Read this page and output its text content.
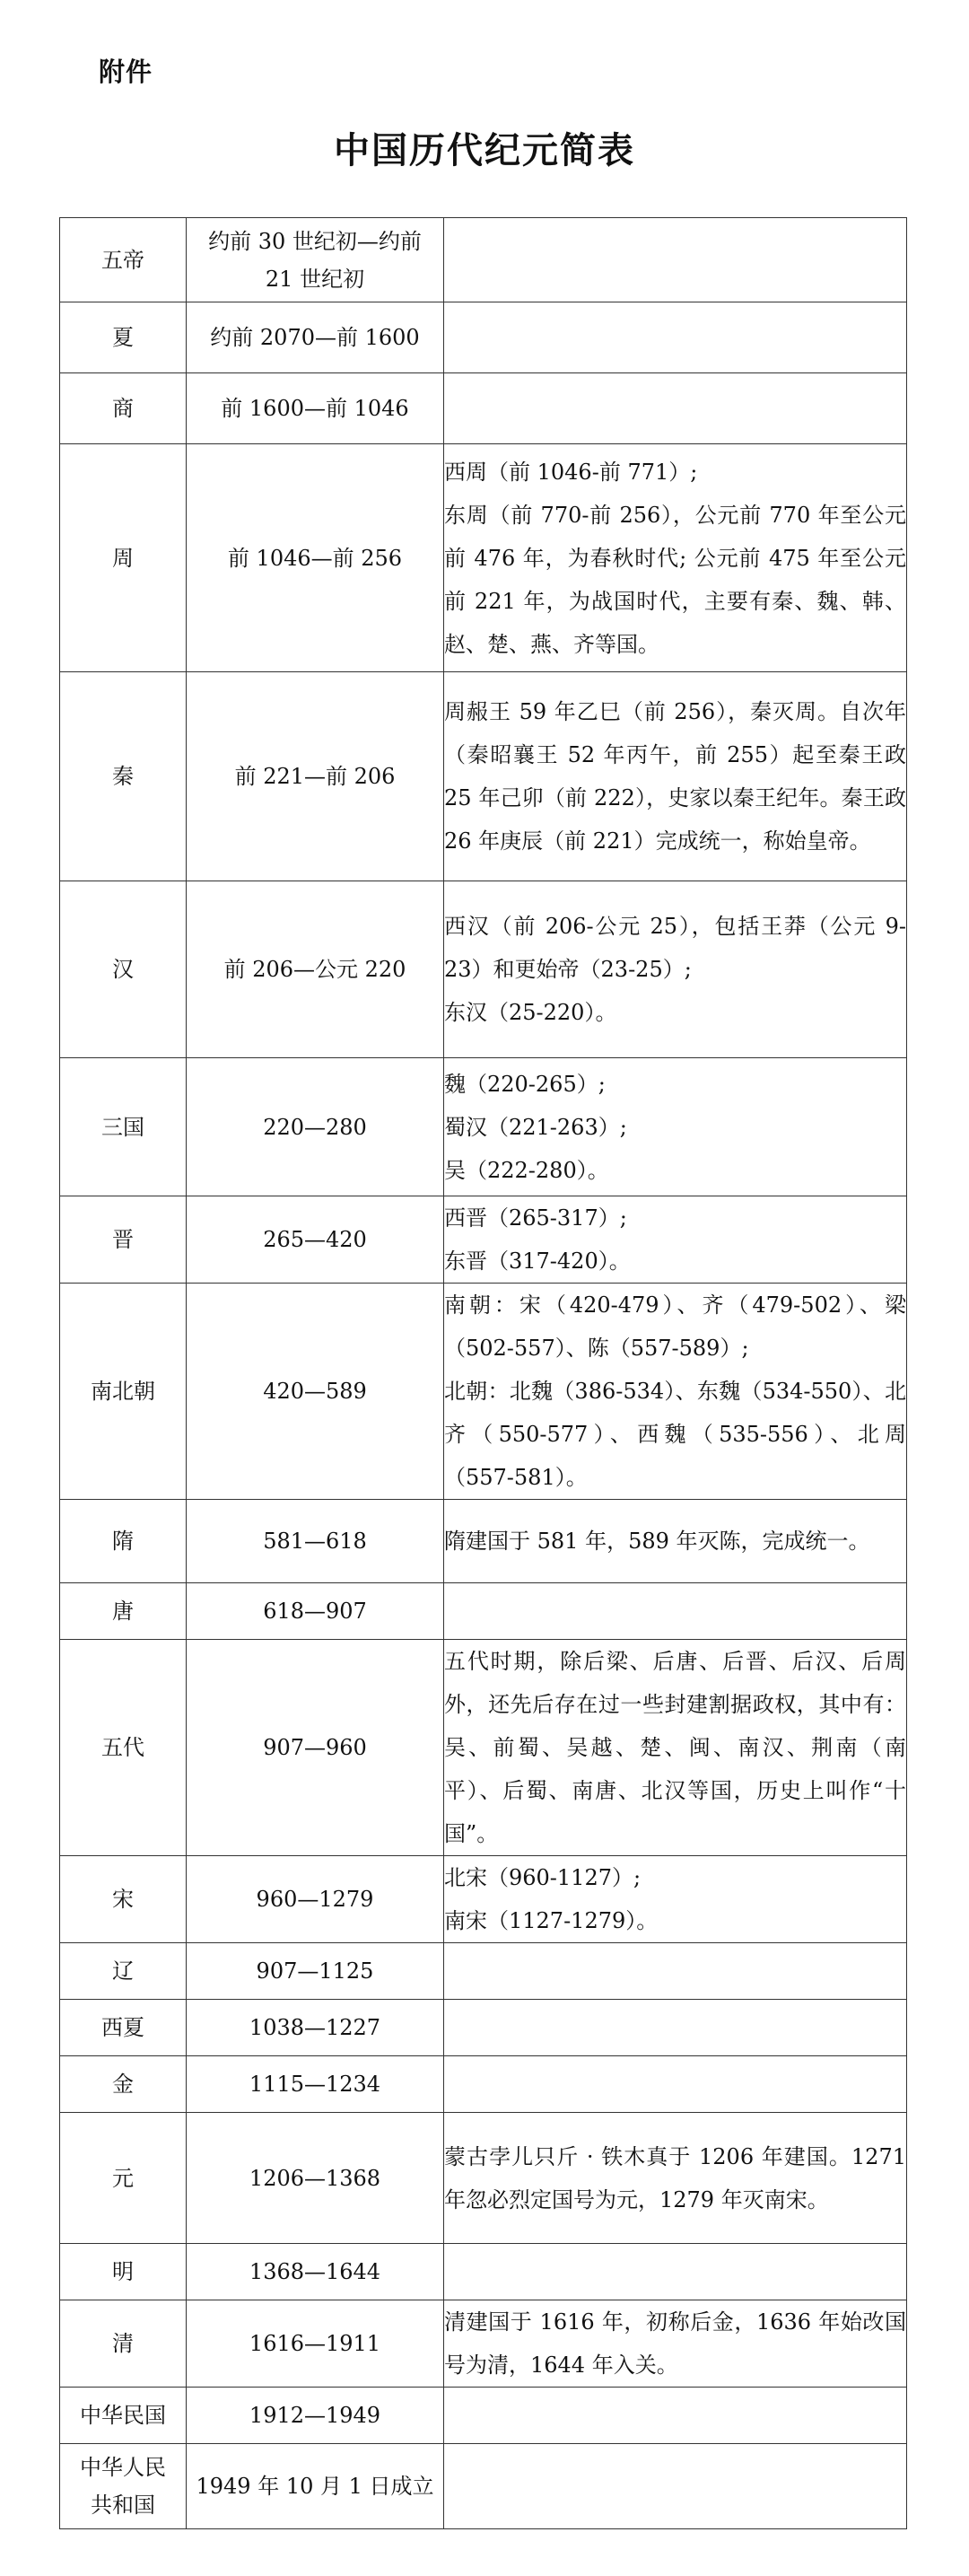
附件
中国历代纪元简表
五帝	约前 30 世纪初—约前 21 世纪初	

夏	约前 2070—前 1600	

商	前 1600—前 1046	

周	前 1046—前 256	西周（前 1046-前 771）;
东周（前 770-前 256），公元前 770 年至公元前 476 年，为春秋时代; 公元前 475 年至公元前 221 年，为战国时代，主要有秦、魏、韩、赵、楚、燕、齐等国。

秦	前 221—前 206	周赧王 59 年乙巳（前 256），秦灭周。自次年（秦昭襄王 52 年丙午，前 255）起至秦王政 25 年己卯（前 222），史家以秦王纪年。秦王政 26 年庚辰（前 221）完成统一，称始皇帝。

汉	前 206—公元 220	西汉（前 206-公元 25），包括王莽（公元 9-23）和更始帝（23-25）;
东汉（25-220）。

三国	220—280	魏（220-265）;
蜀汉（221-263）;
吴（222-280）。

晋	265—420	西晋（265-317）;
东晋（317-420）。

南北朝	420—589	南朝：宋（420-479）、齐（479-502）、梁（502-557）、陈（557-589）;
北朝：北魏（386-534）、东魏（534-550）、北齐（550-577）、西魏（535-556）、北周（557-581）。

隋	581—618	隋建国于 581 年，589 年灭陈，完成统一。

唐	618—907	

五代	907—960	五代时期，除后梁、后唐、后晋、后汉、后周外，还先后存在过一些封建割据政权，其中有：吴、前蜀、吴越、楚、闽、南汉、荆南（南平）、后蜀、南唐、北汉等国，历史上叫作“十国”。

宋	960—1279	北宋（960-1127）;
南宋（1127-1279）。

辽	907—1125	

西夏	1038—1227	

金	1115—1234	

元	1206—1368	蒙古孛儿只斤 · 铁木真于 1206 年建国。1271 年忽必烈定国号为元，1279 年灭南宋。

明	1368—1644	

清	1616—1911	清建国于 1616 年，初称后金，1636 年始改国号为清，1644 年入关。

中华民国	1912—1949	

中华人民共和国	1949 年 10 月 1 日成立	
